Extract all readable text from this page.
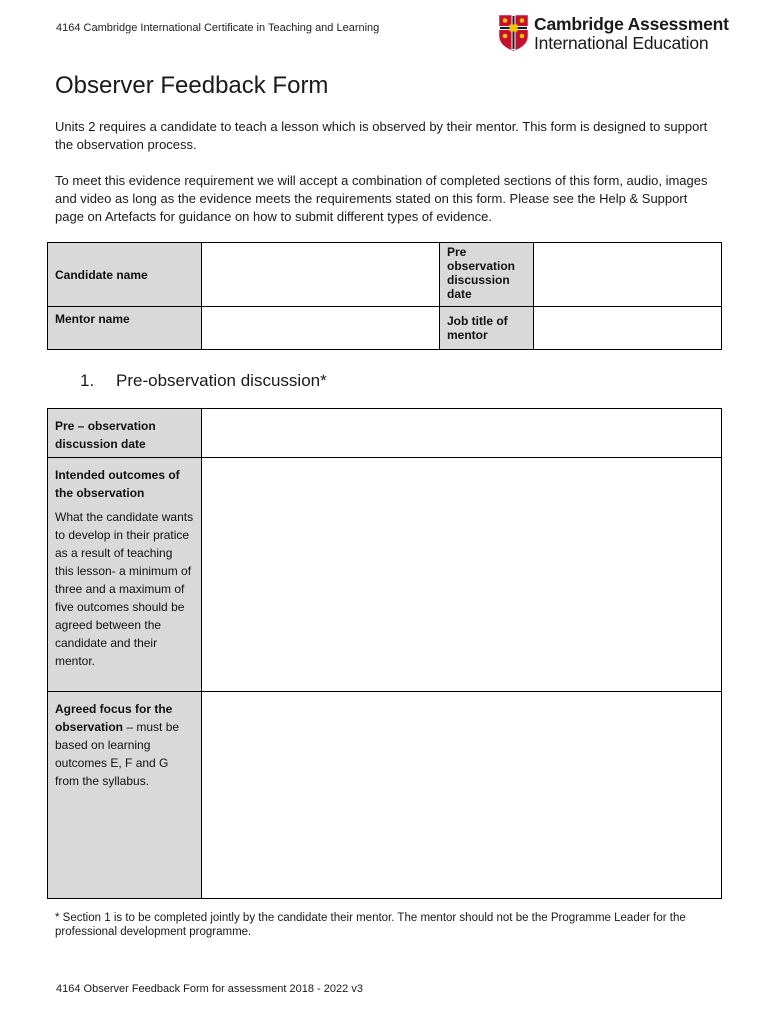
4164 Cambridge International Certificate in Teaching and Learning	Cambridge Assessment
International Education
Observer Feedback Form

Units 2 requires a candidate to teach a lesson which is observed by their mentor. This form is designed to support the observation process.

To meet this evidence requirement we will accept a combination of completed sections of this form, audio, images and video as long as the evidence meets the requirements stated on this form. Please see the Help & Support page on Artefacts for guidance on how to submit different types of evidence.

Candidate name		Pre observation discussion date	
Mentor name		Job title of mentor	
1. Pre-observation discussion*
Pre – observation discussion date	

Intended outcomes of the observation
What the candidate wants to develop in their pratice as a result of teaching this lesson- a minimum of three and a maximum of five outcomes should be agreed between the candidate and their mentor.	

Agreed focus for the observation – must be based on learning outcomes E, F and G from the syllabus.	

* Section 1 is to be completed jointly by the candidate their mentor. The mentor should not be the Programme Leader for the professional development programme.

4164 Observer Feedback Form for assessment 2018 - 2022 v3
